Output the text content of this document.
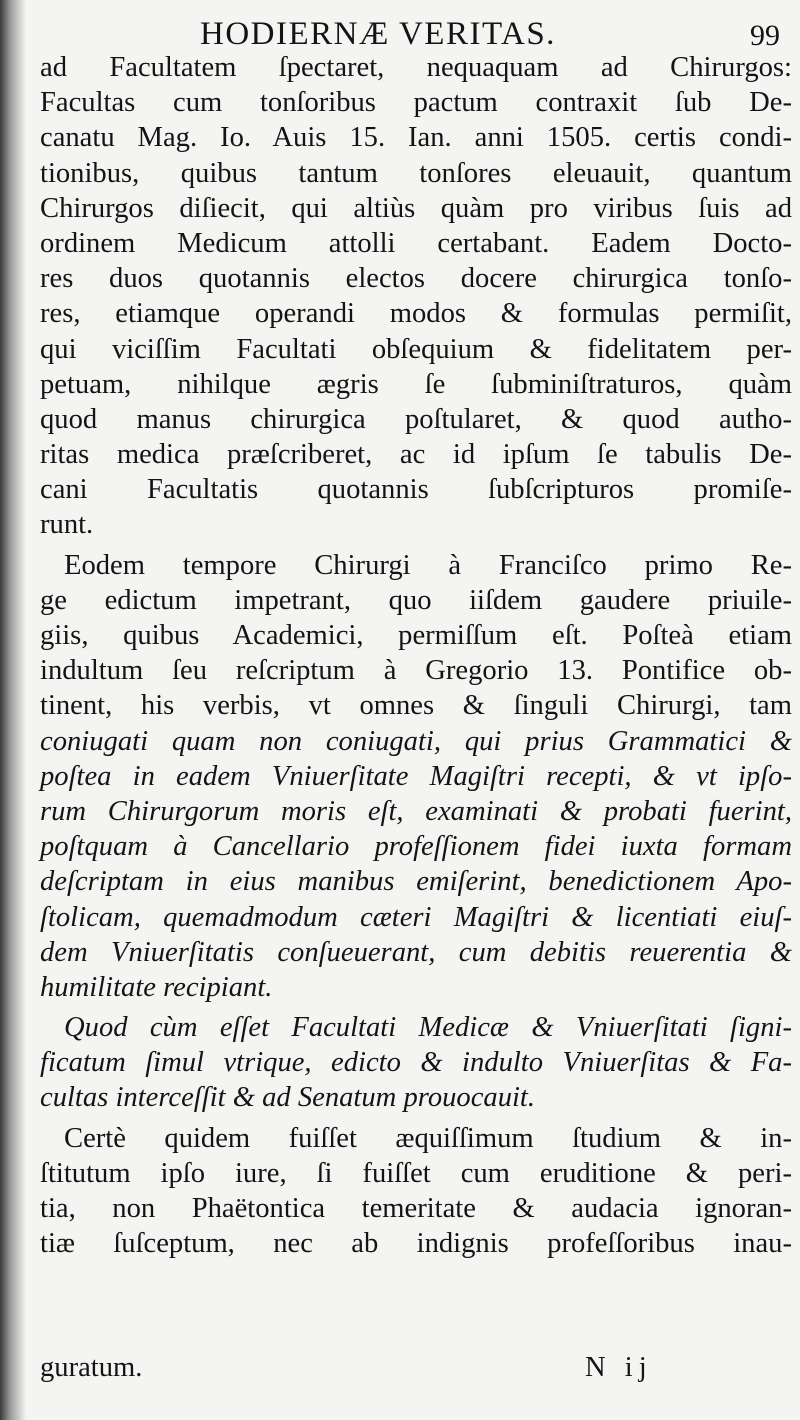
HODIERNÆ VERITAS.	99
ad Facultatem ſpectaret, nequaquam ad Chirurgos:
Facultas cum tonſoribus pactum contraxit ſub De-
canatu Mag. Io. Auis 15. Ian. anni 1505. certis condi-
tionibus, quibus tantum tonſores eleuauit, quantum
Chirurgos diſiecit, qui altiùs quàm pro viribus ſuis ad
ordinem Medicum attolli certabant. Eadem Docto-
res duos quotannis electos docere chirurgica tonſo-
res, etiamque operandi modos & formulas permiſit,
qui viciſſim Facultati obſequium & fidelitatem per-
petuam, nihilque ægris ſe ſubminiſtraturos, quàm
quod manus chirurgica poſtularet, & quod autho-
ritas medica præſcriberet, ac id ipſum ſe tabulis De-
cani Facultatis quotannis ſubſcripturos promiſe-
runt.
Eodem tempore Chirurgi à Franciſco primo Re-
ge edictum impetrant, quo iiſdem gaudere priuile-
giis, quibus Academici, permiſſum eſt. Poſteà etiam
indultum ſeu reſcriptum à Gregorio 13. Pontifice ob-
tinent, his verbis, vt omnes & ſinguli Chirurgi, tam
coniugati quam non coniugati, qui prius Grammatici &
poſtea in eadem Vniuerſitate Magiſtri recepti, & vt ipſo-
rum Chirurgorum moris eſt, examinati & probati fuerint,
poſtquam à Cancellario profeſſionem fidei iuxta formam
deſcriptam in eius manibus emiſerint, benedictionem Apo-
ſtolicam, quemadmodum cæteri Magiſtri & licentiati eiuſ-
dem Vniuerſitatis conſueuerant, cum debitis reuerentia &
humilitate recipiant.
Quod cùm eſſet Facultati Medicæ & Vniuerſitati ſigni-
ficatum ſimul vtrique, edicto & indulto Vniuerſitas & Fa-
cultas interceſſit & ad Senatum prouocauit.
Certè quidem fuiſſet æquiſſimum ſtudium & in-
ſtitutum ipſo iure, ſi fuiſſet cum eruditione & peri-
tia, non Phaëtontica temeritate & audacia ignoran-
tiæ ſuſceptum, nec ab indignis profeſſoribus inau-
guratum.	N ij
